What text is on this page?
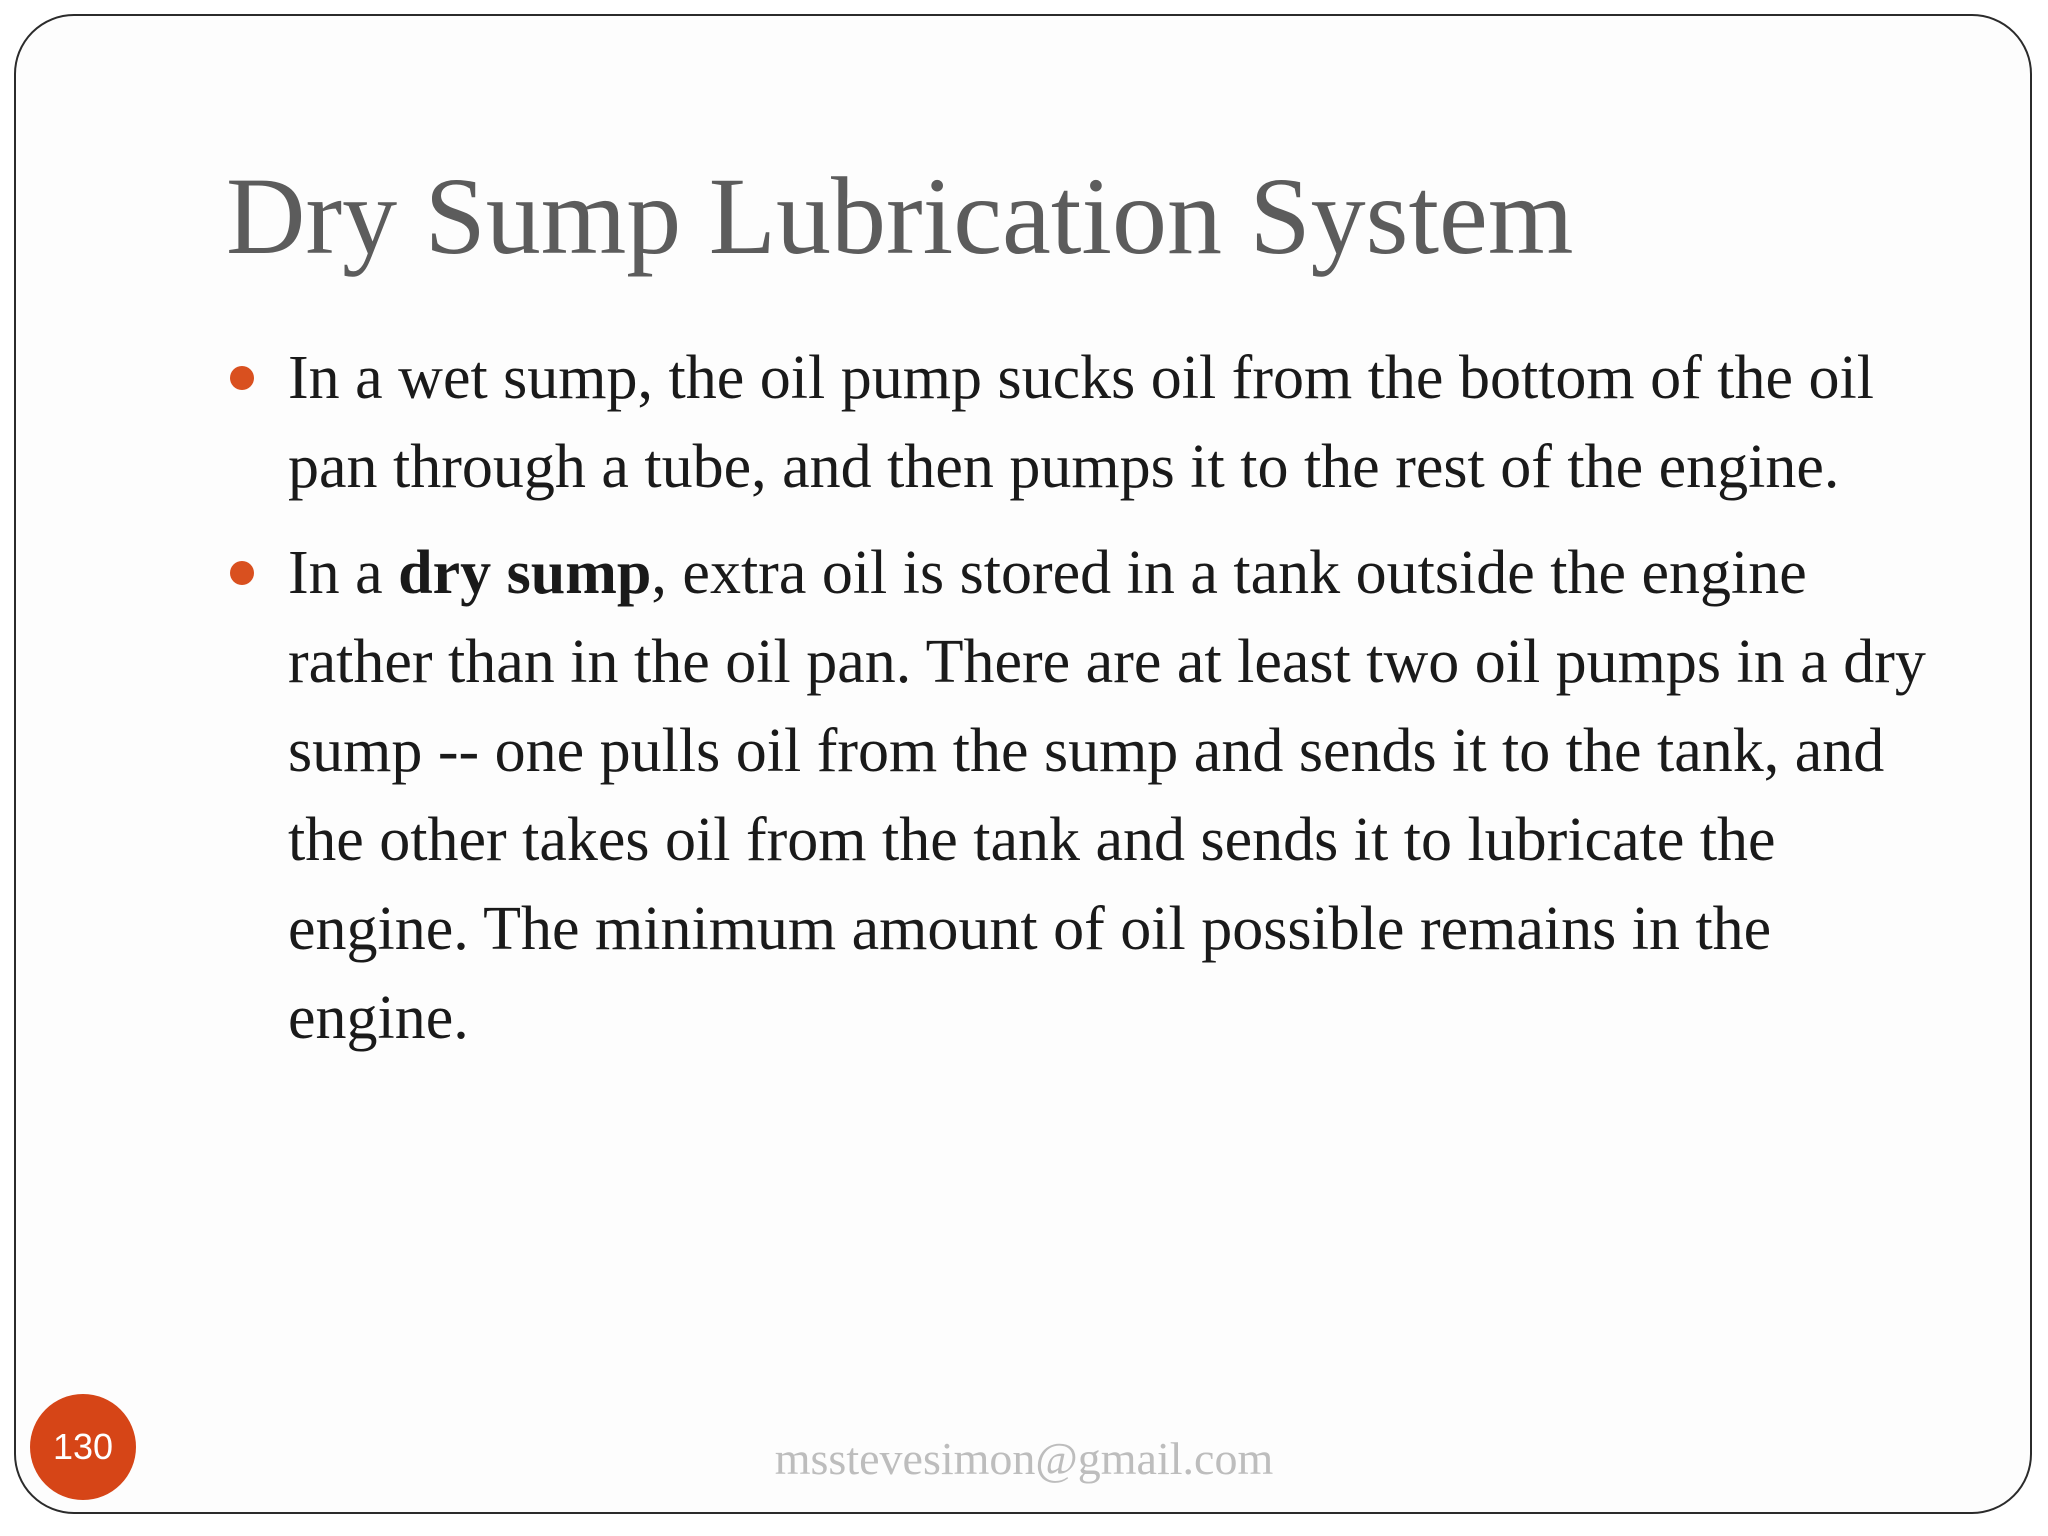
Dry Sump Lubrication System
In a wet sump, the oil pump sucks oil from the bottom of the oil pan through a tube, and then pumps it to the rest of the engine.
In a dry sump, extra oil is stored in a tank outside the engine rather than in the oil pan. There are at least two oil pumps in a dry sump -- one pulls oil from the sump and sends it to the tank, and the other takes oil from the tank and sends it to lubricate the engine. The minimum amount of oil possible remains in the engine.
130	msstevesimon@gmail.com
